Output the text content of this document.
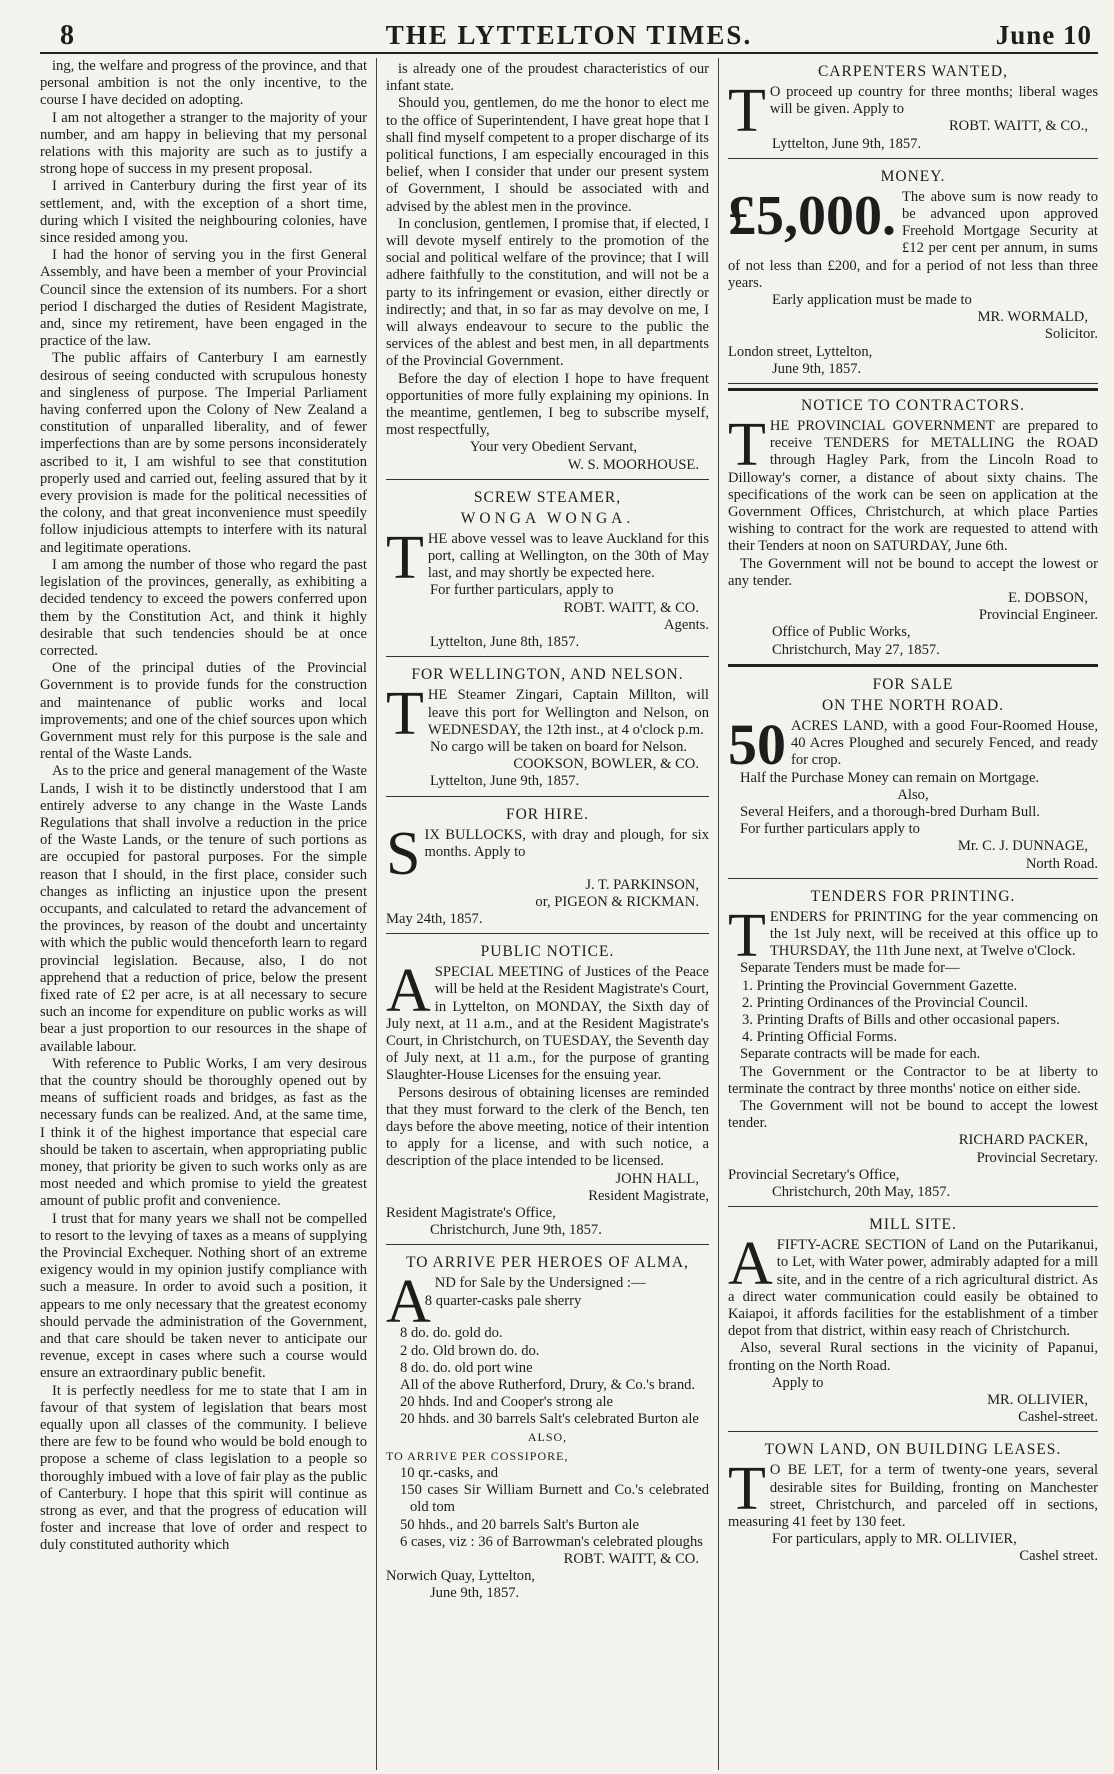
8	THE LYTTELTON TIMES.	June 10

ing, the welfare and progress of the province, and that personal ambition is not the only incentive, to the course I have decided on adopting.

I am not altogether a stranger to the majority of your number, and am happy in believing that my personal relations with this majority are such as to justify a strong hope of success in my present proposal.

I arrived in Canterbury during the first year of its settlement, and, with the exception of a short time, during which I visited the neighbouring colonies, have since resided among you.

I had the honor of serving you in the first General Assembly, and have been a member of your Provincial Council since the extension of its numbers. For a short period I discharged the duties of Resident Magistrate, and, since my retirement, have been engaged in the practice of the law.

The public affairs of Canterbury I am earnestly desirous of seeing conducted with scrupulous honesty and singleness of purpose. The Imperial Parliament having conferred upon the Colony of New Zealand a constitution of unparalled liberality, and of fewer imperfections than are by some persons inconsiderately ascribed to it, I am wishful to see that constitution properly used and carried out, feeling assured that by it every provision is made for the political necessities of the colony, and that great inconvenience must speedily follow injudicious attempts to interfere with its natural and legitimate operations.

I am among the number of those who regard the past legislation of the provinces, generally, as exhibiting a decided tendency to exceed the powers conferred upon them by the Constitution Act, and think it highly desirable that such tendencies should be at once corrected.

One of the principal duties of the Provincial Government is to provide funds for the construction and maintenance of public works and local improvements; and one of the chief sources upon which Government must rely for this purpose is the sale and rental of the Waste Lands.

As to the price and general management of the Waste Lands, I wish it to be distinctly understood that I am entirely adverse to any change in the Waste Lands Regulations that shall involve a reduction in the price of the Waste Lands, or the tenure of such portions as are occupied for pastoral purposes. For the simple reason that I should, in the first place, consider such changes as inflicting an injustice upon the present occupants, and calculated to retard the advancement of the provinces, by reason of the doubt and uncertainty with which the public would thenceforth learn to regard provincial legislation. Because, also, I do not apprehend that a reduction of price, below the present fixed rate of £2 per acre, is at all necessary to secure such an income for expenditure on public works as will bear a just proportion to our resources in the shape of available labour.

With reference to Public Works, I am very desirous that the country should be thoroughly opened out by means of sufficient roads and bridges, as fast as the necessary funds can be realized. And, at the same time, I think it of the highest importance that especial care should be taken to ascertain, when appropriating public money, that priority be given to such works only as are most needed and which promise to yield the greatest amount of public profit and convenience.

I trust that for many years we shall not be compelled to resort to the levying of taxes as a means of supplying the Provincial Exchequer. Nothing short of an extreme exigency would in my opinion justify compliance with such a measure. In order to avoid such a position, it appears to me only necessary that the greatest economy should pervade the administration of the Government, and that care should be taken never to anticipate our revenue, except in cases where such a course would ensure an extraordinary public benefit.

It is perfectly needless for me to state that I am in favour of that system of legislation that bears most equally upon all classes of the community. I believe there are few to be found who would be bold enough to propose a scheme of class legislation to a people so thoroughly imbued with a love of fair play as the public of Canterbury. I hope that this spirit will continue as strong as ever, and that the progress of education will foster and increase that love of order and respect to duly constituted authority which

is already one of the proudest characteristics of our infant state.

Should you, gentlemen, do me the honor to elect me to the office of Superintendent, I have great hope that I shall find myself competent to a proper discharge of its political functions, I am especially encouraged in this belief, when I consider that under our present system of Government, I should be associated with and advised by the ablest men in the province.

In conclusion, gentlemen, I promise that, if elected, I will devote myself entirely to the promotion of the social and political welfare of the province; that I will adhere faithfully to the constitution, and will not be a party to its infringement or evasion, either directly or indirectly; and that, in so far as may devolve on me, I will always endeavour to secure to the public the services of the ablest and best men, in all departments of the Provincial Government.

Before the day of election I hope to have frequent opportunities of more fully explaining my opinions. In the meantime, gentlemen, I beg to subscribe myself, most respectfully,

Your very Obedient Servant,

W. S. MOORHOUSE.

SCREW STEAMER,
WONGA WONGA.

THE above vessel was to leave Auckland for this port, calling at Wellington, on the 30th of May last, and may shortly be expected here.

For further particulars, apply to

ROBT. WAITT, & CO.

Agents.

Lyttelton, June 8th, 1857.

FOR WELLINGTON, AND NELSON.

THE Steamer Zingari, Captain Millton, will leave this port for Wellington and Nelson, on WEDNESDAY, the 12th inst., at 4 o'clock p.m.

No cargo will be taken on board for Nelson.

COOKSON, BOWLER, & CO.

Lyttelton, June 9th, 1857.

FOR HIRE.

SIX BULLOCKS, with dray and plough, for six months. Apply to

J. T. PARKINSON,

or, PIGEON & RICKMAN.

May 24th, 1857.

PUBLIC NOTICE.

ASPECIAL MEETING of Justices of the Peace will be held at the Resident Magistrate's Court, in Lyttelton, on MONDAY, the Sixth day of July next, at 11 a.m., and at the Resident Magistrate's Court, in Christchurch, on TUESDAY, the Seventh day of July next, at 11 a.m., for the purpose of granting Slaughter-House Licenses for the ensuing year.

Persons desirous of obtaining licenses are reminded that they must forward to the clerk of the Bench, ten days before the above meeting, notice of their intention to apply for a license, and with such notice, a description of the place intended to be licensed.

JOHN HALL,

Resident Magistrate,

Resident Magistrate's Office,

Christchurch, June 9th, 1857.

TO ARRIVE PER HEROES OF ALMA,

AND for Sale by the Undersigned :—

8 quarter-casks pale sherry

8 do. do. gold do.

2 do. Old brown do. do.

8 do. do. old port wine

All of the above Rutherford, Drury, & Co.'s brand.

20 hhds. Ind and Cooper's strong ale

20 hhds. and 30 barrels Salt's celebrated Burton ale

ALSO,

TO ARRIVE PER COSSIPORE,

10 qr.-casks, and

150 cases Sir William Burnett and Co.'s celebrated old tom

50 hhds., and 20 barrels Salt's Burton ale

6 cases, viz : 36 of Barrowman's celebrated ploughs

ROBT. WAITT, & CO.

Norwich Quay, Lyttelton,

June 9th, 1857.

CARPENTERS WANTED,

T O proceed up country for three months; liberal wages will be given. Apply to

ROBT. WAITT, & CO.,

Lyttelton, June 9th, 1857.

MONEY.

£5,000. The above sum is now ready to be advanced upon approved Freehold Mortgage Security at £12 per cent per annum, in sums of not less than £200, and for a period of not less than three years.

Early application must be made to

MR. WORMALD,

Solicitor.

London street, Lyttelton,

June 9th, 1857.

NOTICE TO CONTRACTORS.

THE PROVINCIAL GOVERNMENT are prepared to receive TENDERS for METALLING the ROAD through Hagley Park, from the Lincoln Road to Dilloway's corner, a distance of about sixty chains. The specifications of the work can be seen on application at the Government Offices, Christchurch, at which place Parties wishing to contract for the work are requested to attend with their Tenders at noon on SATURDAY, June 6th.

The Government will not be bound to accept the lowest or any tender.

E. DOBSON,

Provincial Engineer.

Office of Public Works,

Christchurch, May 27, 1857.

FOR SALE
ON THE NORTH ROAD.

50 ACRES LAND, with a good Four-Roomed House, 40 Acres Ploughed and securely Fenced, and ready for crop.

Half the Purchase Money can remain on Mortgage.

Also,

Several Heifers, and a thorough-bred Durham Bull.

For further particulars apply to

Mr. C. J. DUNNAGE,

North Road.

TENDERS FOR PRINTING.

TENDERS for PRINTING for the year commencing on the 1st July next, will be received at this office up to THURSDAY, the 11th June next, at Twelve o'Clock.

Separate Tenders must be made for—

1. Printing the Provincial Government Gazette.

2. Printing Ordinances of the Provincial Council.

3. Printing Drafts of Bills and other occasional papers.

4. Printing Official Forms.

Separate contracts will be made for each.

The Government or the Contractor to be at liberty to terminate the contract by three months' notice on either side.

The Government will not be bound to accept the lowest tender.

RICHARD PACKER,

Provincial Secretary.

Provincial Secretary's Office,

Christchurch, 20th May, 1857.

MILL SITE.

AFIFTY-ACRE SECTION of Land on the Putarikanui, to Let, with Water power, admirably adapted for a mill site, and in the centre of a rich agricultural district. As a direct water communication could easily be obtained to Kaiapoi, it affords facilities for the establishment of a timber depot from that district, within easy reach of Christchurch.

Also, several Rural sections in the vicinity of Papanui, fronting on the North Road.

Apply to

MR. OLLIVIER,

Cashel-street.

TOWN LAND, ON BUILDING LEASES.

T O BE LET, for a term of twenty-one years, several desirable sites for Building, fronting on Manchester street, Christchurch, and parceled off in sections, measuring 41 feet by 130 feet.

For particulars, apply to MR. OLLIVIER,

Cashel street.
